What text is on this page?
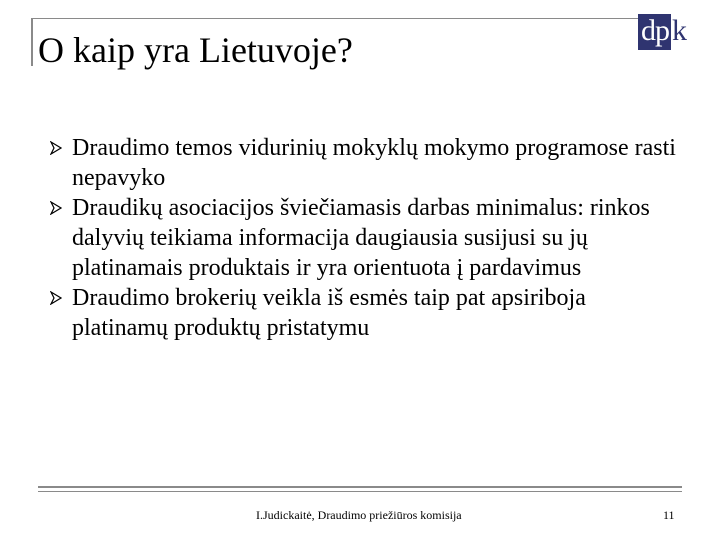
O kaip yra Lietuvoje?	dp k
Draudimo temos vidurinių mokyklų mokymo programose rasti nepavyko
Draudikų asociacijos šviečiamasis darbas minimalus: rinkos dalyvių teikiama informacija daugiausia susijusi su jų platinamais produktais ir yra orientuota į pardavimus
Draudimo brokerių veikla iš esmės taip pat apsiriboja platinamų produktų pristatymu
I.Judickaitė, Draudimo priežiūros komisija	11
